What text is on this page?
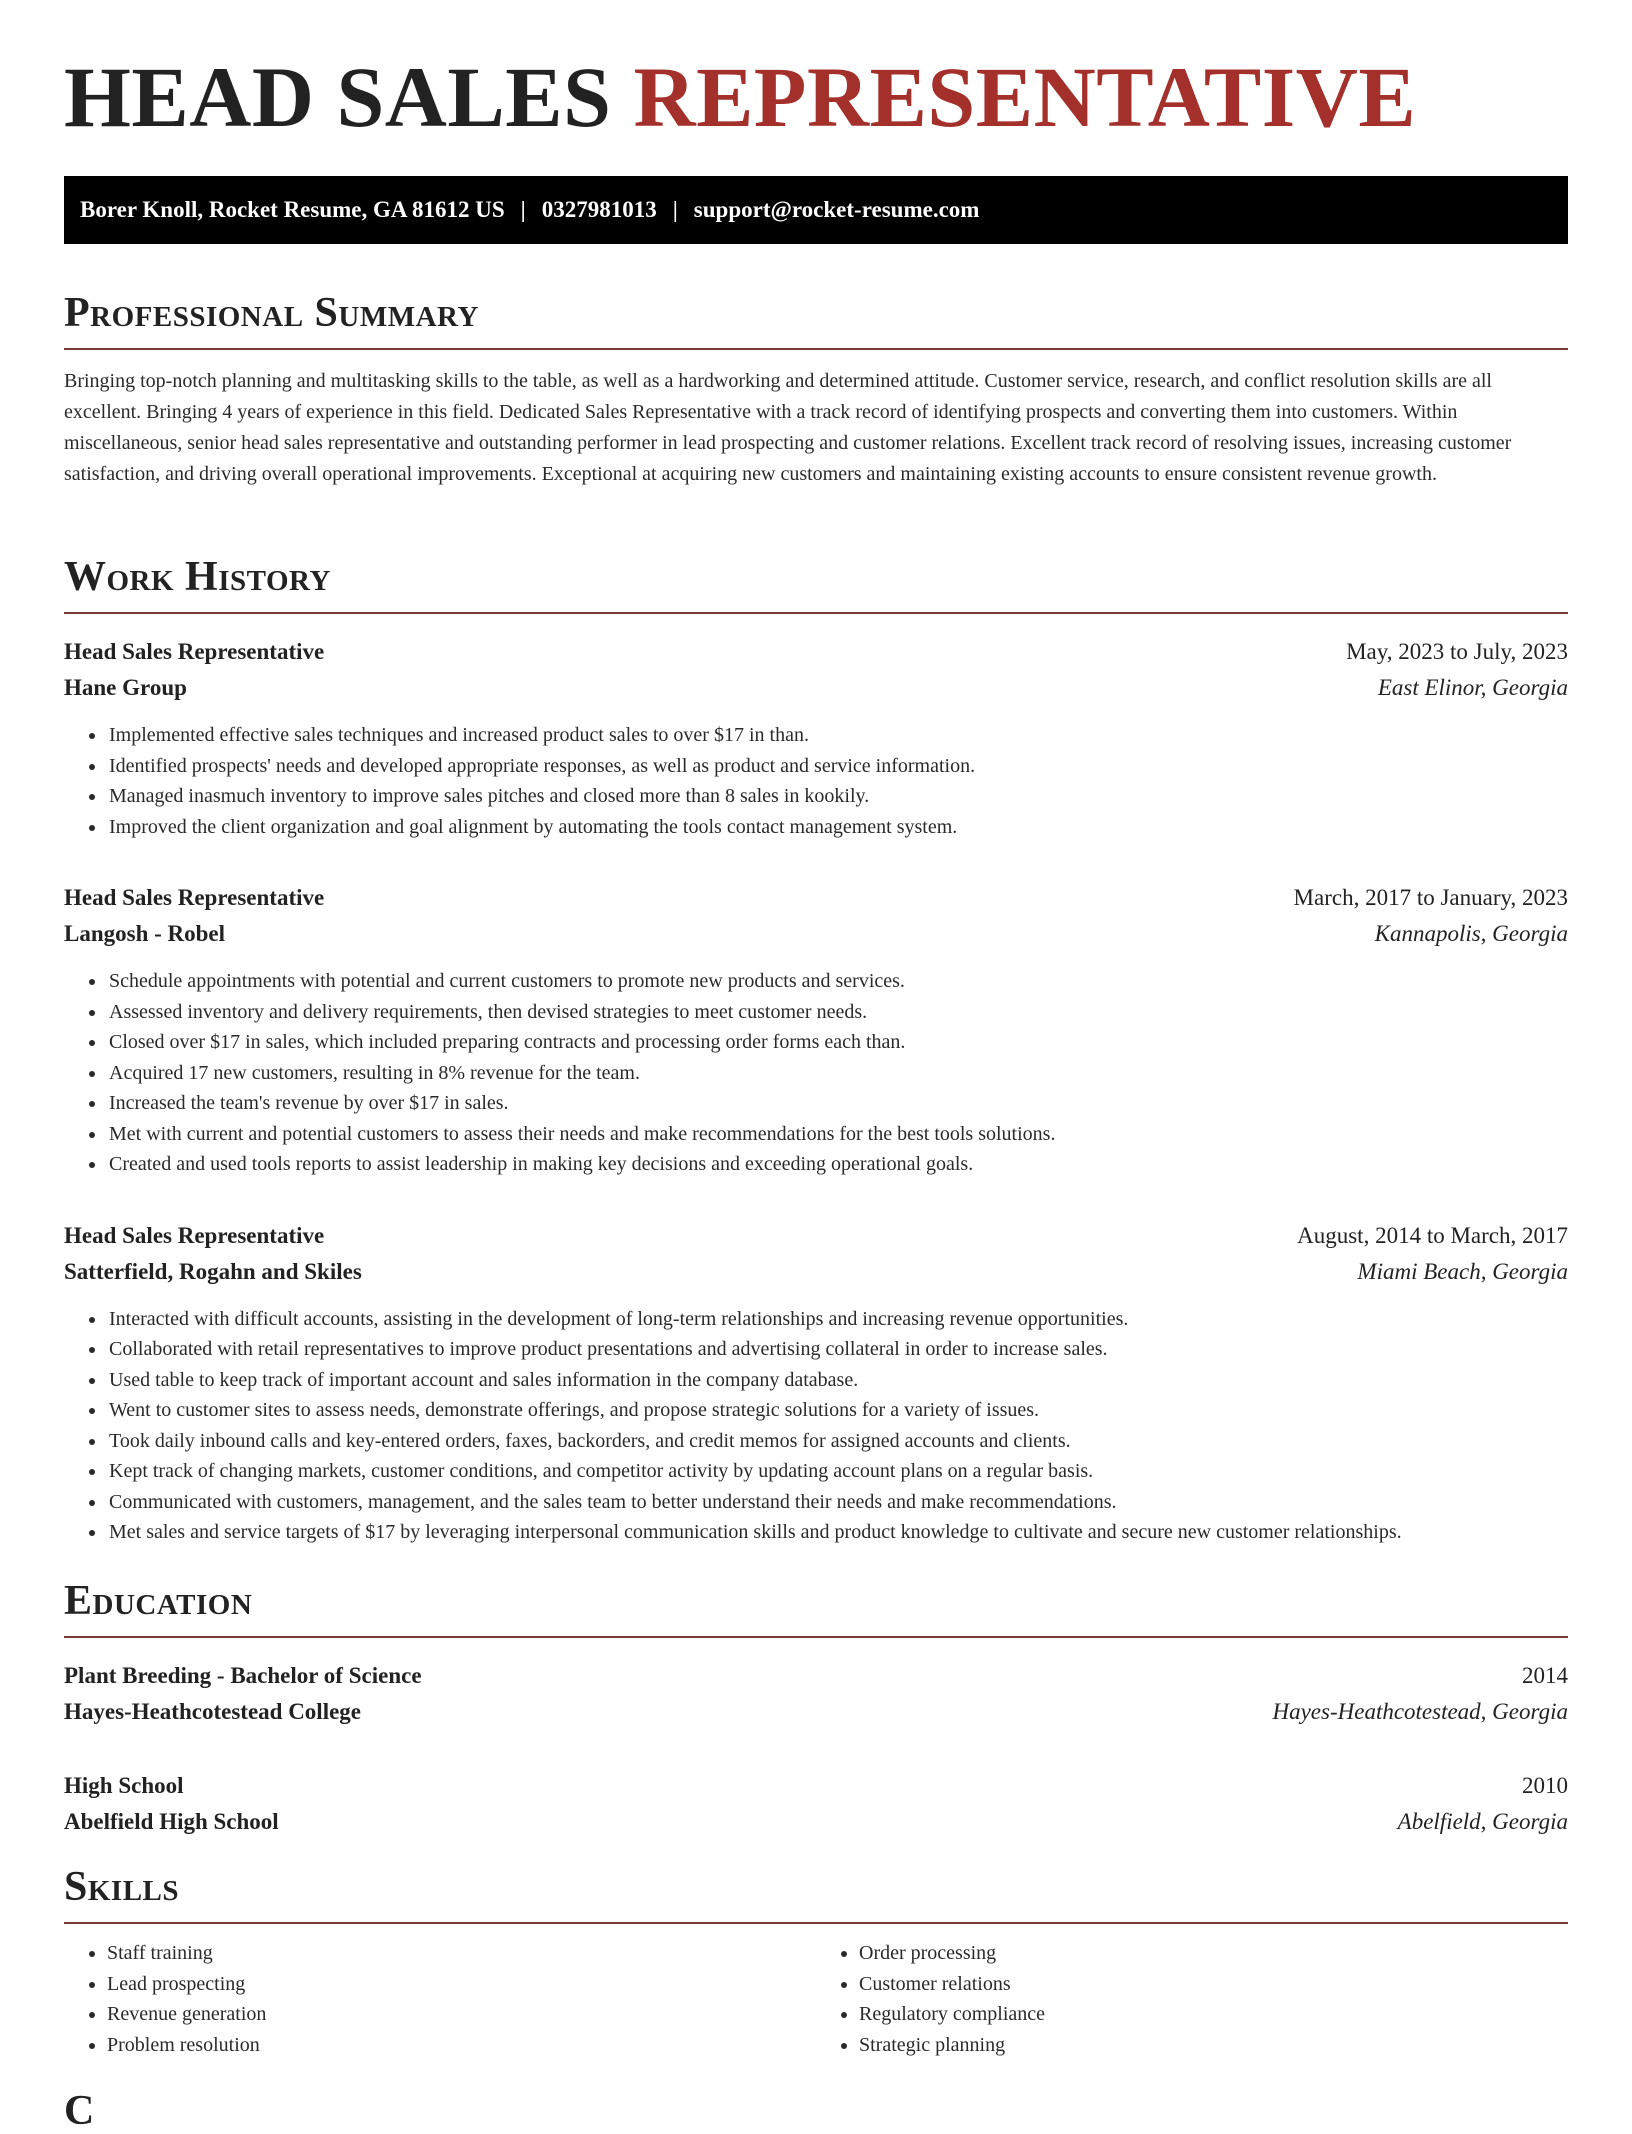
HEAD SALES REPRESENTATIVE
Borer Knoll, Rocket Resume, GA 81612 US | 0327981013 | support@rocket-resume.com
Professional Summary

Bringing top-notch planning and multitasking skills to the table, as well as a hardworking and determined attitude. Customer service, research, and conflict resolution skills are all excellent. Bringing 4 years of experience in this field. Dedicated Sales Representative with a track record of identifying prospects and converting them into customers. Within miscellaneous, senior head sales representative and outstanding performer in lead prospecting and customer relations. Excellent track record of resolving issues, increasing customer satisfaction, and driving overall operational improvements. Exceptional at acquiring new customers and maintaining existing accounts to ensure consistent revenue growth.

Work History
Head Sales Representative	May, 2023 to July, 2023
Hane Group	East Elinor, Georgia
• Implemented effective sales techniques and increased product sales to over $17 in than.
• Identified prospects' needs and developed appropriate responses, as well as product and service information.
• Managed inasmuch inventory to improve sales pitches and closed more than 8 sales in kookily.
• Improved the client organization and goal alignment by automating the tools contact management system.
Head Sales Representative	March, 2017 to January, 2023
Langosh - Robel	Kannapolis, Georgia
• Schedule appointments with potential and current customers to promote new products and services.
• Assessed inventory and delivery requirements, then devised strategies to meet customer needs.
• Closed over $17 in sales, which included preparing contracts and processing order forms each than.
• Acquired 17 new customers, resulting in 8% revenue for the team.
• Increased the team's revenue by over $17 in sales.
• Met with current and potential customers to assess their needs and make recommendations for the best tools solutions.
• Created and used tools reports to assist leadership in making key decisions and exceeding operational goals.
Head Sales Representative	August, 2014 to March, 2017
Satterfield, Rogahn and Skiles	Miami Beach, Georgia
• Interacted with difficult accounts, assisting in the development of long-term relationships and increasing revenue opportunities.
• Collaborated with retail representatives to improve product presentations and advertising collateral in order to increase sales.
• Used table to keep track of important account and sales information in the company database.
• Went to customer sites to assess needs, demonstrate offerings, and propose strategic solutions for a variety of issues.
• Took daily inbound calls and key-entered orders, faxes, backorders, and credit memos for assigned accounts and clients.
• Kept track of changing markets, customer conditions, and competitor activity by updating account plans on a regular basis.
• Communicated with customers, management, and the sales team to better understand their needs and make recommendations.
• Met sales and service targets of $17 by leveraging interpersonal communication skills and product knowledge to cultivate and secure new customer relationships.
Education
Plant Breeding - Bachelor of Science	2014
Hayes-Heathcotestead College	Hayes-Heathcotestead, Georgia
High School	2010
Abelfield High School	Abelfield, Georgia
Skills
• Staff training
• Lead prospecting
• Revenue generation
• Problem resolution
• Order processing
• Customer relations
• Regulatory compliance
• Strategic planning
C
